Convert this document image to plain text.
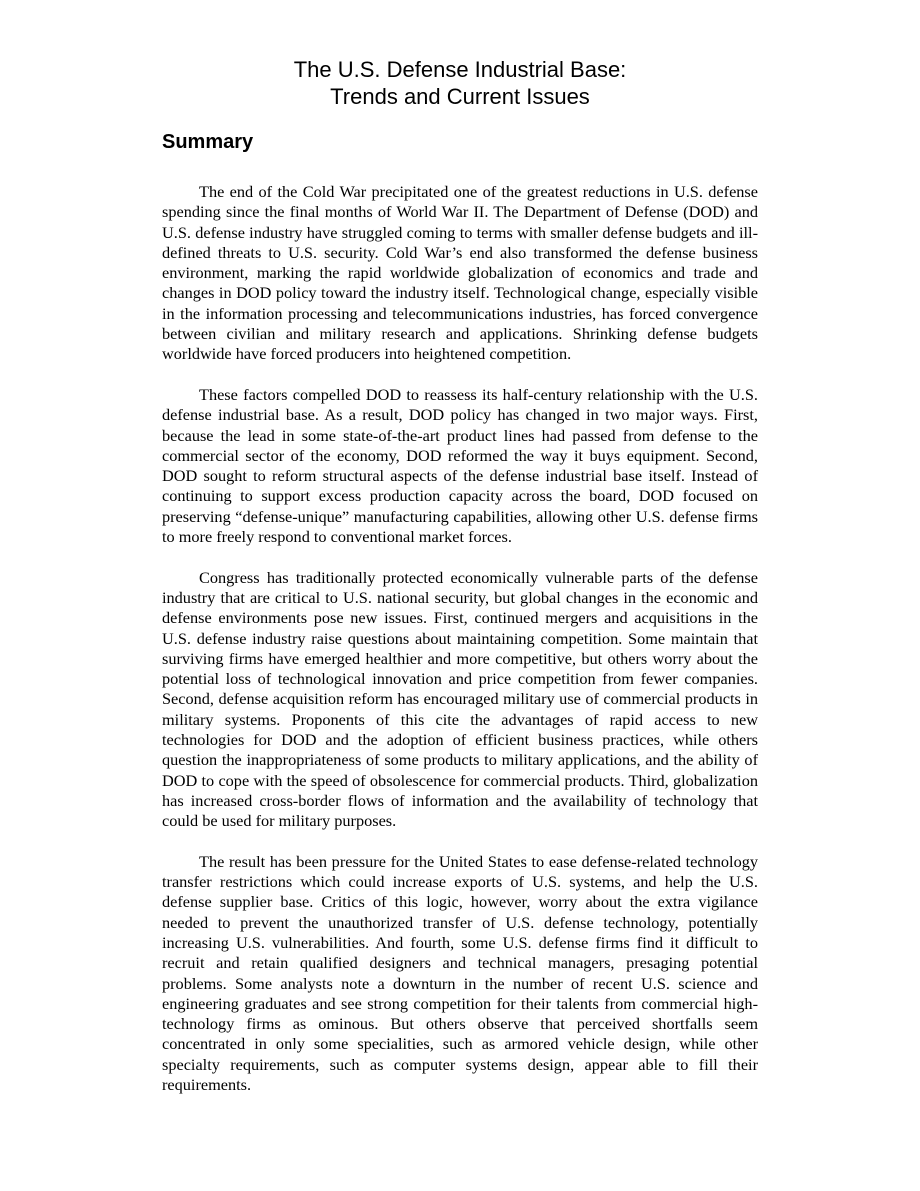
The U.S. Defense Industrial Base:
Trends and Current Issues
Summary

The end of the Cold War precipitated one of the greatest reductions in U.S. defense spending since the final months of World War II. The Department of Defense (DOD) and U.S. defense industry have struggled coming to terms with smaller defense budgets and ill-defined threats to U.S. security. Cold War’s end also transformed the defense business environment, marking the rapid worldwide globalization of economics and trade and changes in DOD policy toward the industry itself. Technological change, especially visible in the information processing and telecommunications industries, has forced convergence between civilian and military research and applications. Shrinking defense budgets worldwide have forced producers into heightened competition.

These factors compelled DOD to reassess its half-century relationship with the U.S. defense industrial base. As a result, DOD policy has changed in two major ways. First, because the lead in some state-of-the-art product lines had passed from defense to the commercial sector of the economy, DOD reformed the way it buys equipment. Second, DOD sought to reform structural aspects of the defense industrial base itself. Instead of continuing to support excess production capacity across the board, DOD focused on preserving “defense-unique” manufacturing capabilities, allowing other U.S. defense firms to more freely respond to conventional market forces.

Congress has traditionally protected economically vulnerable parts of the defense industry that are critical to U.S. national security, but global changes in the economic and defense environments pose new issues. First, continued mergers and acquisitions in the U.S. defense industry raise questions about maintaining competition. Some maintain that surviving firms have emerged healthier and more competitive, but others worry about the potential loss of technological innovation and price competition from fewer companies. Second, defense acquisition reform has encouraged military use of commercial products in military systems. Proponents of this cite the advantages of rapid access to new technologies for DOD and the adoption of efficient business practices, while others question the inappropriateness of some products to military applications, and the ability of DOD to cope with the speed of obsolescence for commercial products. Third, globalization has increased cross-border flows of information and the availability of technology that could be used for military purposes.

The result has been pressure for the United States to ease defense-related technology transfer restrictions which could increase exports of U.S. systems, and help the U.S. defense supplier base. Critics of this logic, however, worry about the extra vigilance needed to prevent the unauthorized transfer of U.S. defense technology, potentially increasing U.S. vulnerabilities. And fourth, some U.S. defense firms find it difficult to recruit and retain qualified designers and technical managers, presaging potential problems. Some analysts note a downturn in the number of recent U.S. science and engineering graduates and see strong competition for their talents from commercial high-technology firms as ominous. But others observe that perceived shortfalls seem concentrated in only some specialities, such as armored vehicle design, while other specialty requirements, such as computer systems design, appear able to fill their requirements.
